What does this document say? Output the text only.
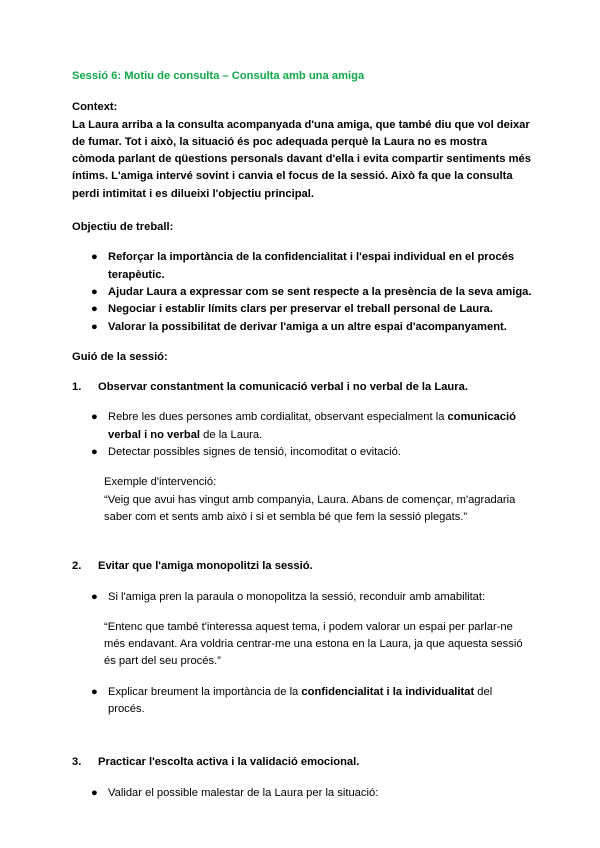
Sessió 6: Motiu de consulta – Consulta amb una amiga

Context:

La Laura arriba a la consulta acompanyada d'una amiga, que també diu que vol deixar de fumar. Tot i això, la situació és poc adequada perquè la Laura no es mostra còmoda parlant de qüestions personals davant d'ella i evita compartir sentiments més íntims. L'amiga intervé sovint i canvia el focus de la sessió. Això fa que la consulta perdi intimitat i es dilueixi l'objectiu principal.

Objectiu de treball:

● Reforçar la importància de la confidencialitat i l'espai individual en el procés terapèutic.
● Ajudar Laura a expressar com se sent respecte a la presència de la seva amiga.
● Negociar i establir límits clars per preservar el treball personal de Laura.
● Valorar la possibilitat de derivar l'amiga a un altre espai d'acompanyament.

Guió de la sessió:

1. Observar constantment la comunicació verbal i no verbal de la Laura.

● Rebre les dues persones amb cordialitat, observant especialment la comunicació verbal i no verbal de la Laura.
● Detectar possibles signes de tensió, incomoditat o evitació.

Exemple d'intervenció:

“Veig que avui has vingut amb companyia, Laura. Abans de començar, m'agradaria saber com et sents amb això i si et sembla bé que fem la sessió plegats.”

2. Evitar que l'amiga monopolitzi la sessió.

● Si l'amiga pren la paraula o monopolitza la sessió, reconduir amb amabilitat:

“Entenc que també t'interessa aquest tema, i podem valorar un espai per parlar-ne més endavant. Ara voldria centrar-me una estona en la Laura, ja que aquesta sessió és part del seu procés.”

● Explicar breument la importància de la confidencialitat i la individualitat del procés.

3. Practicar l'escolta activa i la validació emocional.

● Validar el possible malestar de la Laura per la situació:
